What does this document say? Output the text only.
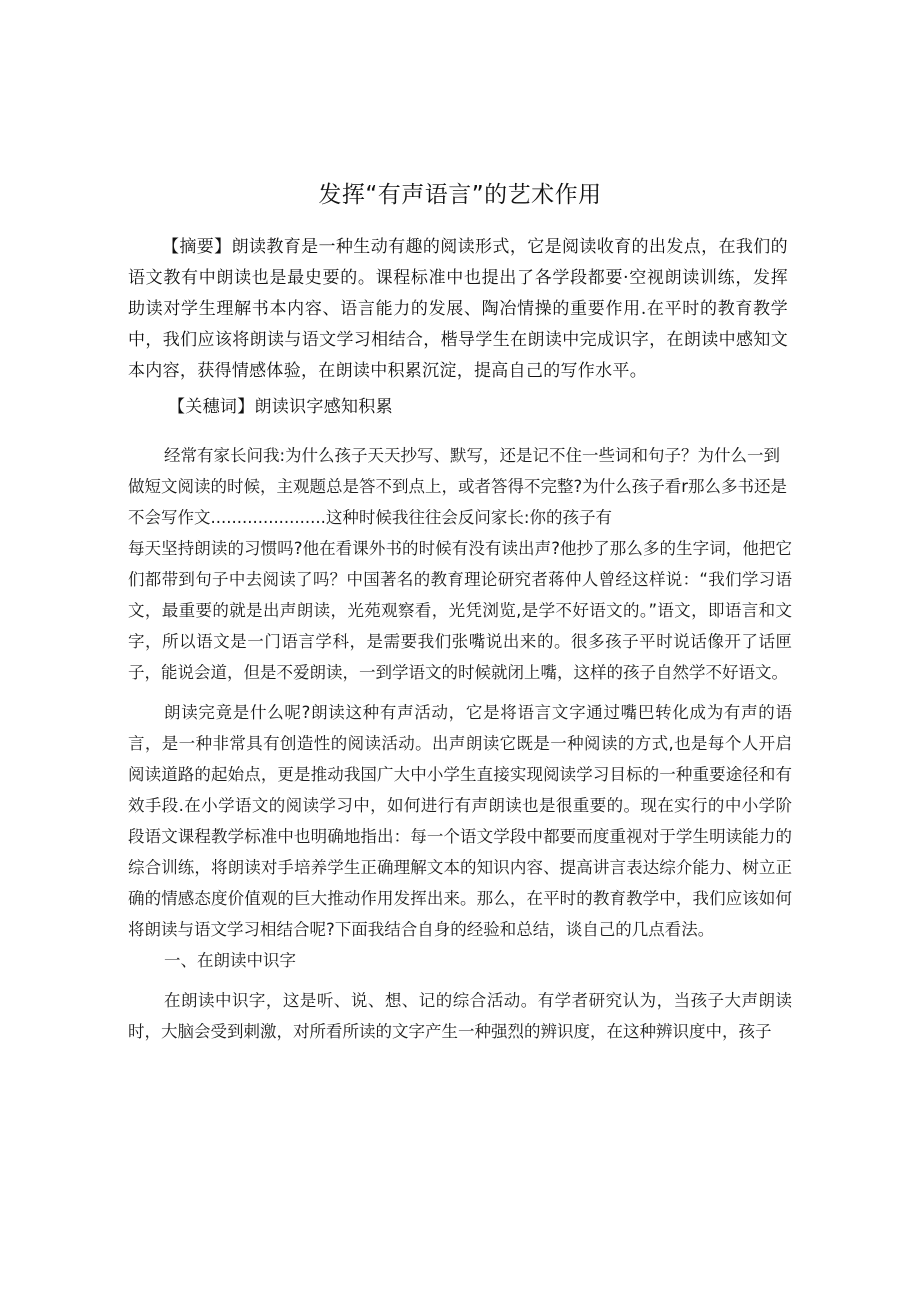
发挥“有声语言”的艺术作用

【摘要】朗读教育是一种生动有趣的阅读形式，它是阅读收育的出发点，在我们的语文教有中朗读也是最史要的。课程标准中也提出了各学段都要·空视朗读训练，发挥助读对学生理解书本内容、语言能力的发展、陶冶情操的重要作用.在平时的教育教学中，我们应该将朗读与语文学习相结合，楷导学生在朗读中完成识字，在朗读中感知文本内容，获得情感体验，在朗读中积累沉淀，提高自己的写作水平。

【关穗词】朗读识字感知积累

经常有家长问我:为什么孩子天天抄写、默写，还是记不住一些词和句子？为什么一到做短文阅读的时候，主观题总是答不到点上，或者答得不完整?为什么孩子看r那么多书还是不会写作文......................这种时候我往往会反问家长:你的孩子有

每天坚持朗读的习惯吗?他在看课外书的时候有没有读出声?他抄了那么多的生字词，他把它们都带到句子中去阅读了吗？中国著名的教育理论研究者蒋仲人曾经这样说：“我们学习语文，最重要的就是出声朗读，光苑观察看，光凭浏览,是学不好语文的。”语文，即语言和文字，所以语文是一门语言学科，是需要我们张嘴说出来的。很多孩子平时说话像开了话匣子，能说会道，但是不爱朗读，一到学语文的时候就闭上嘴，这样的孩子自然学不好语文。

朗读完竟是什么呢?朗读这种有声活动，它是将语言文字通过嘴巴转化成为有声的语言，是一种非常具有创造性的阅读活动。出声朗读它既是一种阅读的方式,也是每个人开启阅读道路的起始点，更是推动我国广大中小学生直接实现阅读学习目标的一种重要途径和有效手段.在小学语文的阅读学习中，如何进行有声朗读也是很重要的。现在实行的中小学阶段语文课程教学标准中也明确地指出：每一个语文学段中都要而度重视对于学生明读能力的综合训练，将朗读对手培养学生正确理解文本的知识内容、提高讲言表达综介能力、树立正确的情感态度价值观的巨大推动作用发挥出来。那么，在平时的教育教学中，我们应该如何将朗读与语文学习相结合呢?下面我结合自身的经验和总结，谈自己的几点看法。

一、在朗读中识字

在朗读中识字，这是听、说、想、记的综合活动。有学者研究认为，当孩子大声朗读时，大脑会受到刺激，对所看所读的文字产生一种强烈的辨识度，在这种辨识度中，孩子
